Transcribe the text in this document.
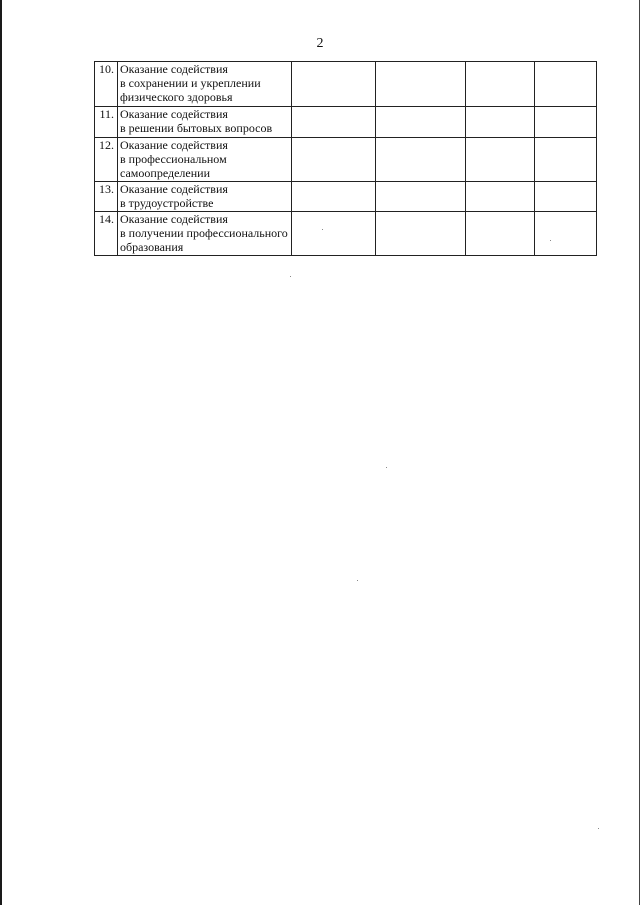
2
10.	Оказание содействия
в сохранении и укреплении
физического здоровья				

11.	Оказание содействия
в решении бытовых вопросов				

12.	Оказание содействия
в профессиональном
самоопределении				

13.	Оказание содействия
в трудоустройстве				

14.	Оказание содействия
в получении профессионального
образования				
